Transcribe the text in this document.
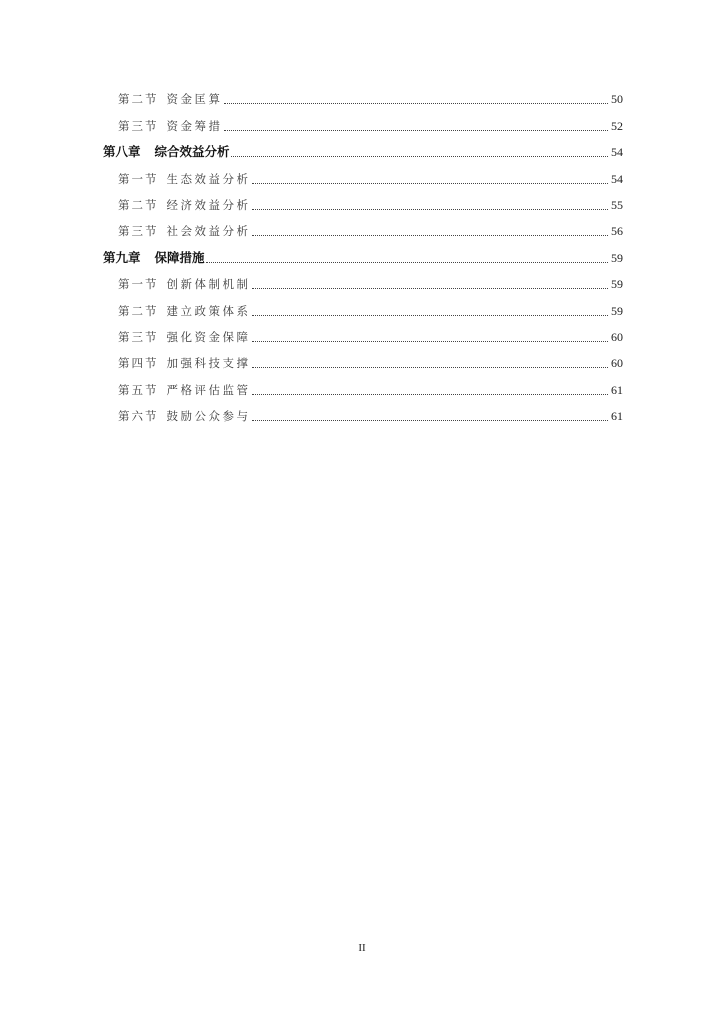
第二节 资金匡算	50
第三节 资金筹措	52
第八章 综合效益分析	54
第一节 生态效益分析	54
第二节 经济效益分析	55
第三节 社会效益分析	56
第九章 保障措施	59
第一节 创新体制机制	59
第二节 建立政策体系	59
第三节 强化资金保障	60
第四节 加强科技支撑	60
第五节 严格评估监管	61
第六节 鼓励公众参与	61
II
